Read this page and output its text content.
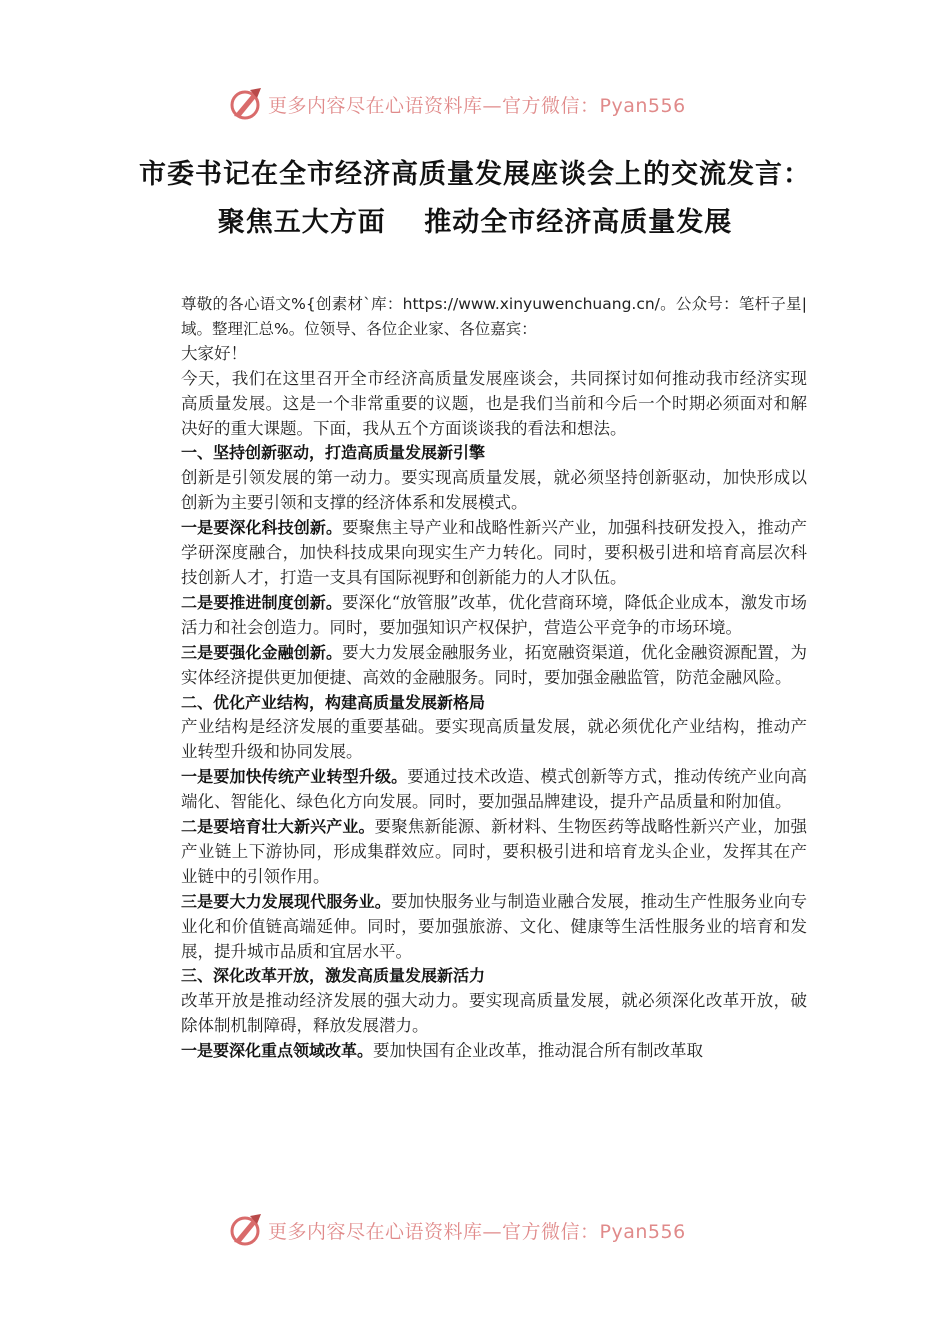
更多内容尽在心语资料库—官方微信：Pyan556
市委书记在全市经济高质量发展座谈会上的交流发言：
聚焦五大方面　 推动全市经济高质量发展

尊敬的各心语文%{创素材`库：https://www.xinyuwenchuang.cn/。公众号：笔杆子星|域。整理汇总%。位领导、各位企业家、各位嘉宾：

大家好！

今天，我们在这里召开全市经济高质量发展座谈会，共同探讨如何推动我市经济实现高质量发展。这是一个非常重要的议题，也是我们当前和今后一个时期必须面对和解决好的重大课题。下面，我从五个方面谈谈我的看法和想法。

一、坚持创新驱动，打造高质量发展新引擎

创新是引领发展的第一动力。要实现高质量发展，就必须坚持创新驱动，加快形成以创新为主要引领和支撑的经济体系和发展模式。

一是要深化科技创新。要聚焦主导产业和战略性新兴产业，加强科技研发投入，推动产学研深度融合，加快科技成果向现实生产力转化。同时，要积极引进和培育高层次科技创新人才，打造一支具有国际视野和创新能力的人才队伍。

二是要推进制度创新。要深化“放管服”改革，优化营商环境，降低企业成本，激发市场活力和社会创造力。同时，要加强知识产权保护，营造公平竞争的市场环境。

三是要强化金融创新。要大力发展金融服务业，拓宽融资渠道，优化金融资源配置，为实体经济提供更加便捷、高效的金融服务。同时，要加强金融监管，防范金融风险。

二、优化产业结构，构建高质量发展新格局

产业结构是经济发展的重要基础。要实现高质量发展，就必须优化产业结构，推动产业转型升级和协同发展。

一是要加快传统产业转型升级。要通过技术改造、模式创新等方式，推动传统产业向高端化、智能化、绿色化方向发展。同时，要加强品牌建设，提升产品质量和附加值。

二是要培育壮大新兴产业。要聚焦新能源、新材料、生物医药等战略性新兴产业，加强产业链上下游协同，形成集群效应。同时，要积极引进和培育龙头企业，发挥其在产业链中的引领作用。

三是要大力发展现代服务业。要加快服务业与制造业融合发展，推动生产性服务业向专业化和价值链高端延伸。同时，要加强旅游、文化、健康等生活性服务业的培育和发展，提升城市品质和宜居水平。

三、深化改革开放，激发高质量发展新活力

改革开放是推动经济发展的强大动力。要实现高质量发展，就必须深化改革开放，破除体制机制障碍，释放发展潜力。

一是要深化重点领域改革。要加快国有企业改革，推动混合所有制改革取

更多内容尽在心语资料库—官方微信：Pyan556
